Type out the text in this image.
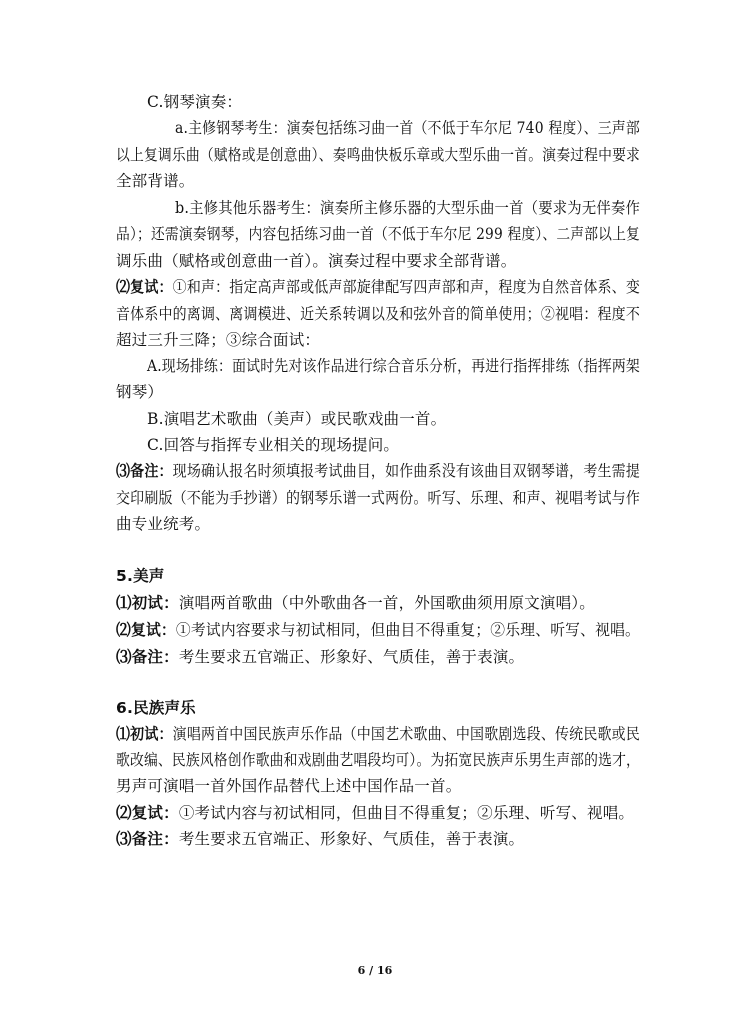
C.钢琴演奏：
a.主修钢琴考生：演奏包括练习曲一首（不低于车尔尼 740 程度）、三声部
以上复调乐曲（赋格或是创意曲）、奏鸣曲快板乐章或大型乐曲一首。演奏过程中要求
全部背谱。
b.主修其他乐器考生：演奏所主修乐器的大型乐曲一首（要求为无伴奏作
品）；还需演奏钢琴，内容包括练习曲一首（不低于车尔尼 299 程度）、二声部以上复
调乐曲（赋格或创意曲一首）。演奏过程中要求全部背谱。
⑵复试：①和声：指定高声部或低声部旋律配写四声部和声，程度为自然音体系、变
音体系中的离调、离调模进、近关系转调以及和弦外音的简单使用；②视唱：程度不
超过三升三降；③综合面试：
A.现场排练：面试时先对该作品进行综合音乐分析，再进行指挥排练（指挥两架
钢琴）
B.演唱艺术歌曲（美声）或民歌戏曲一首。
C.回答与指挥专业相关的现场提问。
⑶备注：现场确认报名时须填报考试曲目，如作曲系没有该曲目双钢琴谱，考生需提
交印刷版（不能为手抄谱）的钢琴乐谱一式两份。听写、乐理、和声、视唱考试与作
曲专业统考。
5.美声
⑴初试：演唱两首歌曲（中外歌曲各一首，外国歌曲须用原文演唱）。
⑵复试：①考试内容要求与初试相同，但曲目不得重复；②乐理、听写、视唱。
⑶备注：考生要求五官端正、形象好、气质佳，善于表演。
6.民族声乐
⑴初试：演唱两首中国民族声乐作品（中国艺术歌曲、中国歌剧选段、传统民歌或民
歌改编、民族风格创作歌曲和戏剧曲艺唱段均可）。为拓宽民族声乐男生声部的选才，
男声可演唱一首外国作品替代上述中国作品一首。
⑵复试：①考试内容与初试相同，但曲目不得重复；②乐理、听写、视唱。
⑶备注：考生要求五官端正、形象好、气质佳，善于表演。
6 / 16
